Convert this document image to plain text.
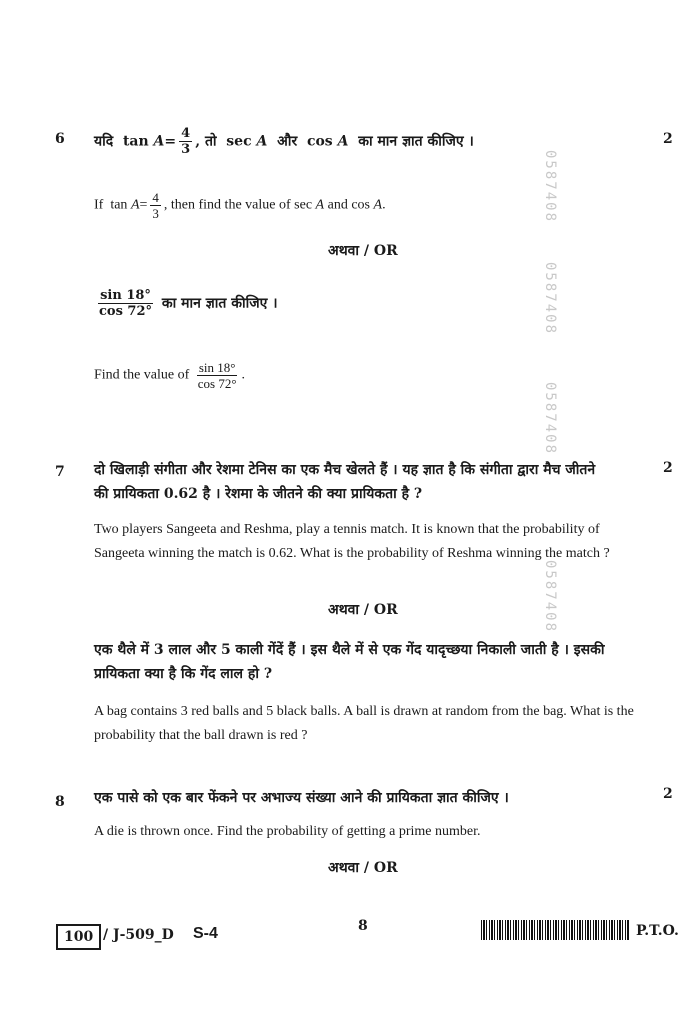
0587408
0587408
0587408
0587408
6	2
यदि $\tan A= \frac{4}{3}$ , तो sec A और cos A का मान ज्ञात कीजिए ।
If $\tan A= \frac{4}{3}$ , then find the value of sec A and cos A.
अथवा / OR
$\frac{\sin 18^\circ}{\cos 72^\circ}$ का मान ज्ञात कीजिए ।
Find the value of $\frac{\sin 18^\circ}{\cos 72^\circ}$ .
7	2
दो खिलाड़ी संगीता और रेशमा टेनिस का एक मैच खेलते हैं । यह ज्ञात है कि संगीता द्वारा मैच जीतने की प्रायिकता 0.62 है । रेशमा के जीतने की क्या प्रायिकता है ?
Two players Sangeeta and Reshma, play a tennis match. It is known that the probability of Sangeeta winning the match is 0.62. What is the probability of Reshma winning the match ?
अथवा / OR
एक थैले में 3 लाल और 5 काली गेंदें हैं । इस थैले में से एक गेंद यादृच्छया निकाली जाती है । इसकी प्रायिकता क्या है कि गेंद लाल हो ?
A bag contains 3 red balls and 5 black balls. A ball is drawn at random from the bag. What is the probability that the ball drawn is red ?
8	2
एक पासे को एक बार फेंकने पर अभाज्य संख्या आने की प्रायिकता ज्ञात कीजिए ।
A die is thrown once. Find the probability of getting a prime number.
अथवा / OR
100 / J-509_D S-4	8	P.T.O.
